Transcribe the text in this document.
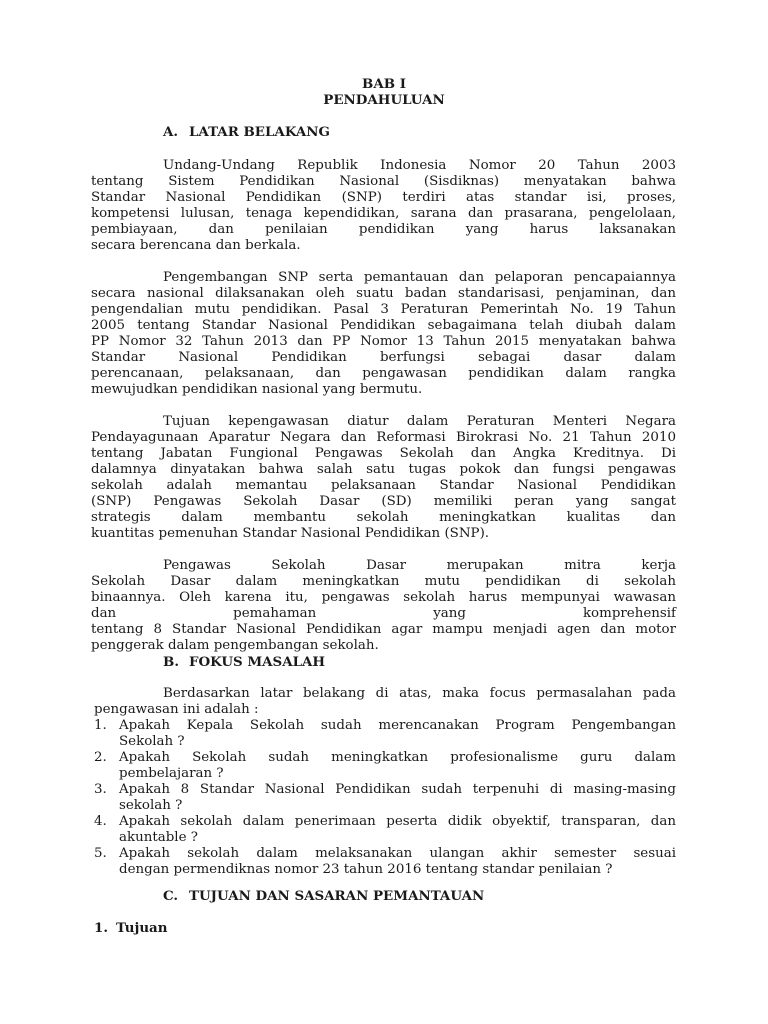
BAB I

PENDAHULUAN

A. LATAR BELAKANG

Undang-Undang Republik Indonesia Nomor 20 Tahun 2003

tentang Sistem Pendidikan Nasional (Sisdiknas) menyatakan bahwa

Standar Nasional Pendidikan (SNP) terdiri atas standar isi, proses,

kompetensi lulusan, tenaga kependidikan, sarana dan prasarana, pengelolaan,

pembiayaan, dan penilaian pendidikan yang harus laksanakan

secara berencana dan berkala.

Pengembangan SNP serta pemantauan dan pelaporan pencapaiannya

secara nasional dilaksanakan oleh suatu badan standarisasi, penjaminan, dan

pengendalian mutu pendidikan. Pasal 3 Peraturan Pemerintah No. 19 Tahun

2005 tentang Standar Nasional Pendidikan sebagaimana telah diubah dalam

PP Nomor 32 Tahun 2013 dan PP Nomor 13 Tahun 2015 menyatakan bahwa

Standar Nasional Pendidikan berfungsi sebagai dasar dalam

perencanaan, pelaksanaan, dan pengawasan pendidikan dalam rangka

mewujudkan pendidikan nasional yang bermutu.

Tujuan kepengawasan diatur dalam Peraturan Menteri Negara

Pendayagunaan Aparatur Negara dan Reformasi Birokrasi No. 21 Tahun 2010

tentang Jabatan Fungional Pengawas Sekolah dan Angka Kreditnya. Di

dalamnya dinyatakan bahwa salah satu tugas pokok dan fungsi pengawas

sekolah adalah memantau pelaksanaan Standar Nasional Pendidikan

(SNP) Pengawas Sekolah Dasar (SD) memiliki peran yang sangat

strategis dalam membantu sekolah meningkatkan kualitas dan

kuantitas pemenuhan Standar Nasional Pendidikan (SNP).

Pengawas Sekolah Dasar merupakan mitra kerja

Sekolah Dasar dalam meningkatkan mutu pendidikan di sekolah

binaannya. Oleh karena itu, pengawas sekolah harus mempunyai wawasan

dan pemahaman yang komprehensif

tentang 8 Standar Nasional Pendidikan agar mampu menjadi agen dan motor

penggerak dalam pengembangan sekolah.

B. FOKUS MASALAH

Berdasarkan latar belakang di atas, maka focus permasalahan pada

pengawasan ini adalah :

1. Apakah Kepala Sekolah sudah merencanakan Program Pengembangan

Sekolah ?

2. Apakah Sekolah sudah meningkatkan profesionalisme guru dalam

pembelajaran ?

3. Apakah 8 Standar Nasional Pendidikan sudah terpenuhi di masing-masing

sekolah ?

4. Apakah sekolah dalam penerimaan peserta didik obyektif, transparan, dan

akuntable ?

5. Apakah sekolah dalam melaksanakan ulangan akhir semester sesuai

dengan permendiknas nomor 23 tahun 2016 tentang standar penilaian ?

C. TUJUAN DAN SASARAN PEMANTAUAN

1. Tujuan
